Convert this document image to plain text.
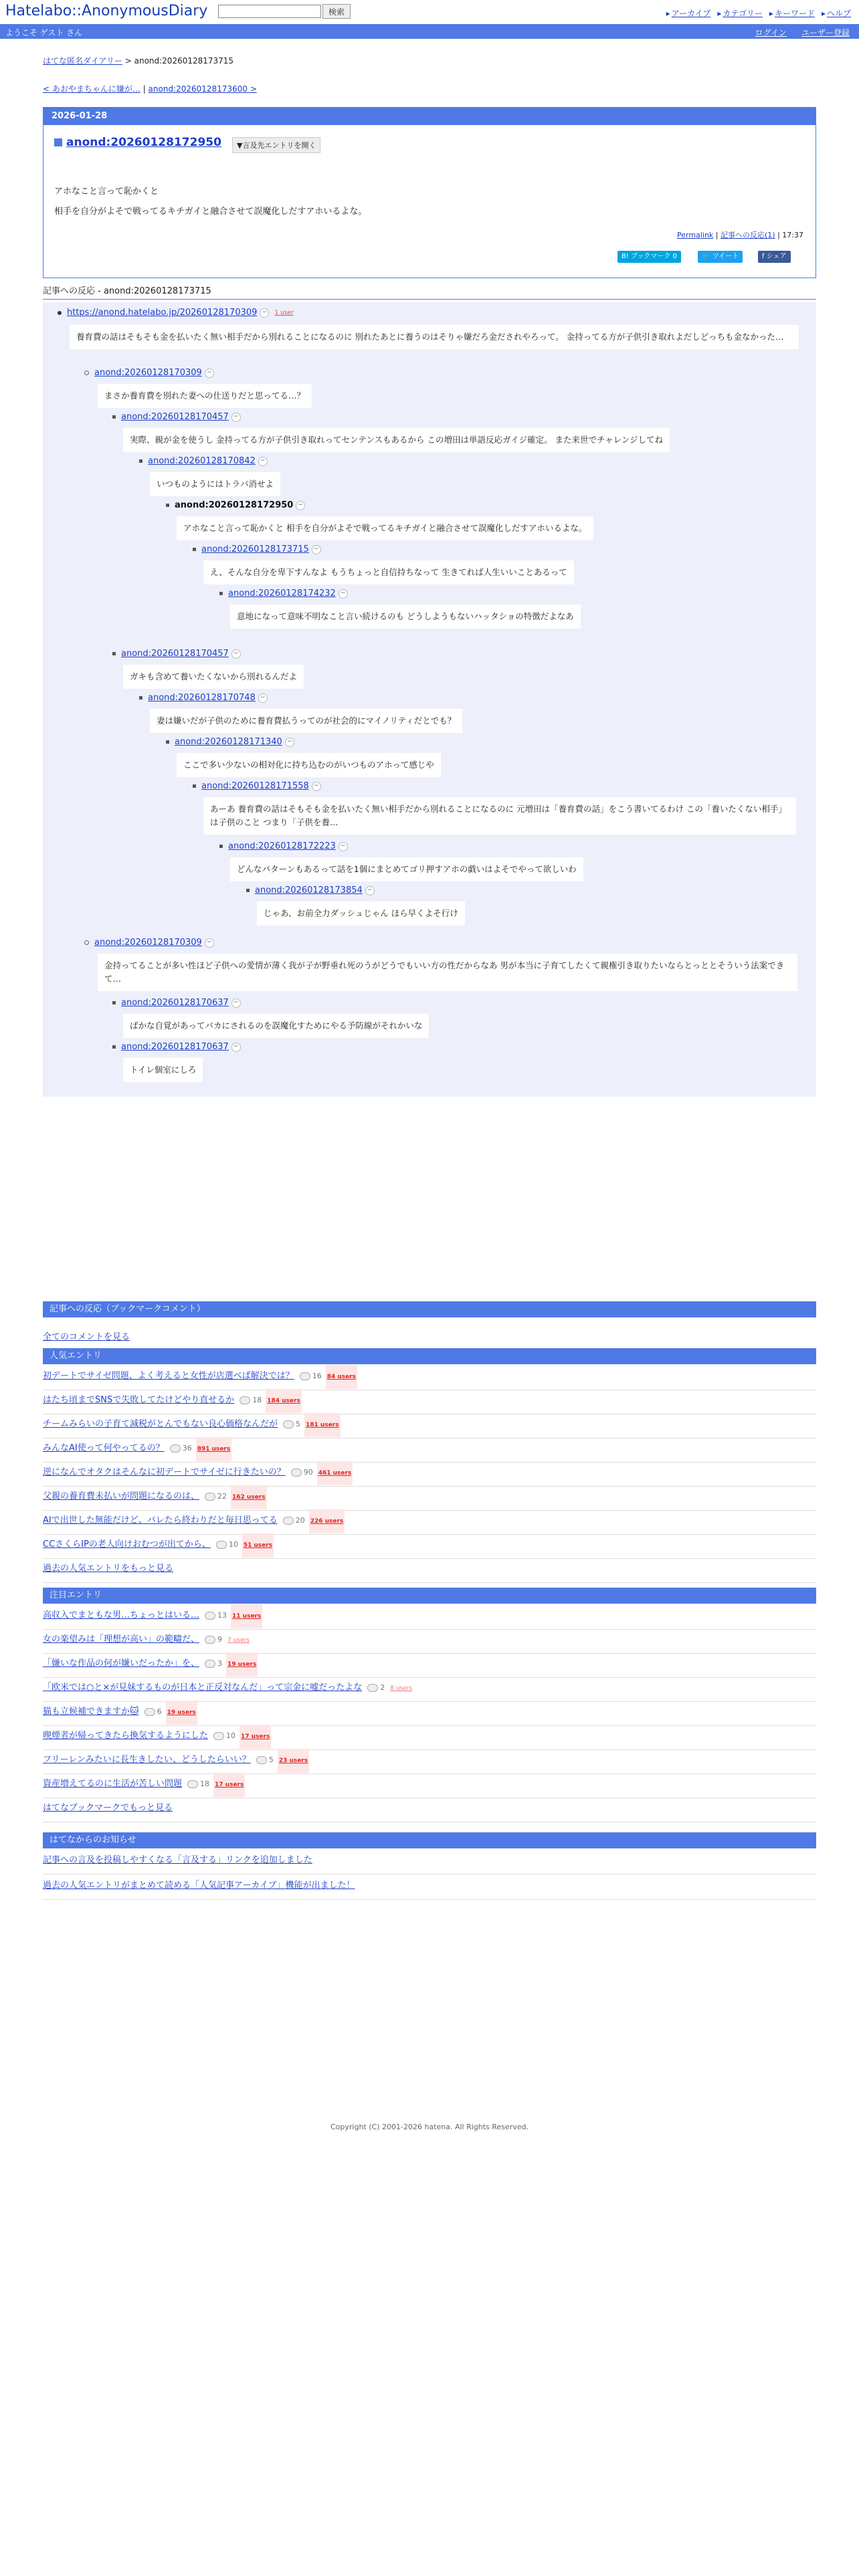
Hatelabo::AnonymousDiary	検索	▸ アーカイブ ▸ カテゴリー ▸ キーワード ▸ ヘルプ
ようこそ ゲスト さん	ログイン ユーザー登録
はてな匿名ダイアリー > anond:20260128173715
< あおやまちゃんに嫌が… | anond:20260128173600 >
2026-01-28
anond:20260128172950	▼言及先エントリを開く
アホなこと言って恥かくと
相手を自分がよそで戦ってるキチガイと融合させて誤魔化しだすアホいるよな。
Permalink | 記事への反応(1) | 17:37
B! ブックマーク 0	🐦 ツイート	f シェア
記事への反応 - anond:20260128173715
https://anond.hatelabo.jp/20260128170309 − 1 user
養育費の話はそもそも金を払いたく無い相手だから別れることになるのに 別れたあとに養うのはそりゃ嫌だろ金だされやろって。 金持ってる方が子供引き取れよだしどっちも金なかった…
anond:20260128170309 −
まさか養育費を別れた妻への仕送りだと思ってる…？
anond:20260128170457 −
実際、親が金を使うし 金持ってる方が子供引き取れってセンテンスもあるから この増田は単語反応ガイジ確定。 また来世でチャレンジしてね
anond:20260128170842 −
いつものようにはトラバ消せよ
anond:20260128172950 −
アホなこと言って恥かくと 相手を自分がよそで戦ってるキチガイと融合させて誤魔化しだすアホいるよな。
anond:20260128173715 −
え、そんな自分を卑下すんなよ もうちょっと自信持ちなって 生きてれば人生いいことあるって
anond:20260128174232 −
意地になって意味不明なこと言い続けるのも どうしようもないハッタショの特徴だよなあ
anond:20260128170457 −
ガキも含めて養いたくないから別れるんだよ
anond:20260128170748 −
妻は嫌いだが子供のために養育費払うってのが社会的にマイノリティだとでも？
anond:20260128171340 −
ここで多い少ないの相対化に持ち込むのがいつものアホって感じや
anond:20260128171558 −
あーあ 養育費の話はそもそも金を払いたく無い相手だから別れることになるのに 元増田は「養育費の話」をこう書いてるわけ この「養いたくない相手」は子供のこと つまり「子供を養…
anond:20260128172223 −
どんなパターンもあるって話を1個にまとめてゴリ押すアホの戯いはよそでやって欲しいわ
anond:20260128173854 −
じゃあ、お前全力ダッシュじゃん ほら早くよそ行け
anond:20260128170309 −
金持ってることが多い性ほど子供への愛情が薄く我が子が野垂れ死のうがどうでもいい方の性だからなあ 男が本当に子育てしたくて親権引き取りたいならとっととそういう法案できて…
anond:20260128170637 −
ばかな自覚があってバカにされるのを誤魔化すためにやる予防線がそれかいな
anond:20260128170637 −
トイレ個室にしろ
記事への反応（ブックマークコメント）
全てのコメントを見る
人気エントリ
初デートでサイゼ問題、よく考えると女性が店選べば解決では？ 16 84 users
はたち頃までSNSで失敗してたけどやり直せるか 18 184 users
チームみらいの子育て減税がとんでもない良心価格なんだが 5 181 users
みんなAI使って何やってるの？ 36 891 users
逆になんでオタクはそんなに初デートでサイゼに行きたいの？ 90 461 users
父親の養育費未払いが問題になるのは、 22 162 users
AIで出世した無能だけど、バレたら終わりだと毎日思ってる 20 226 users
CCさくらIPの老人向けおむつが出てから、 10 51 users
過去の人気エントリをもっと見る
注目エントリ
高収入でまともな男…ちょっとはいる… 13 11 users
女の楽望みは「理想が高い」の範疇だ、 9 7 users
「嫌いな作品の何が嫌いだったか」を、 3 19 users
「欧米では○と×が見妹するものが日本と正反対なんだ」って宗金に嘘だったよな 2 8 users
猫も立候補できますか🐱 6 19 users
喫煙者が帰ってきたら換気するようにした 10 17 users
フリーレンみたいに長生きしたい、どうしたらいい？ 5 23 users
資産増えてるのに生活が苦しい問題 18 17 users
はてなブックマークでもっと見る
はてなからのお知らせ
記事への言及を投稿しやすくなる「言及する」リンクを追加しました
過去の人気エントリがまとめて読める「人気記事アーカイブ」機能が出ました！
Copyright (C) 2001-2026 hatena. All Rights Reserved.
